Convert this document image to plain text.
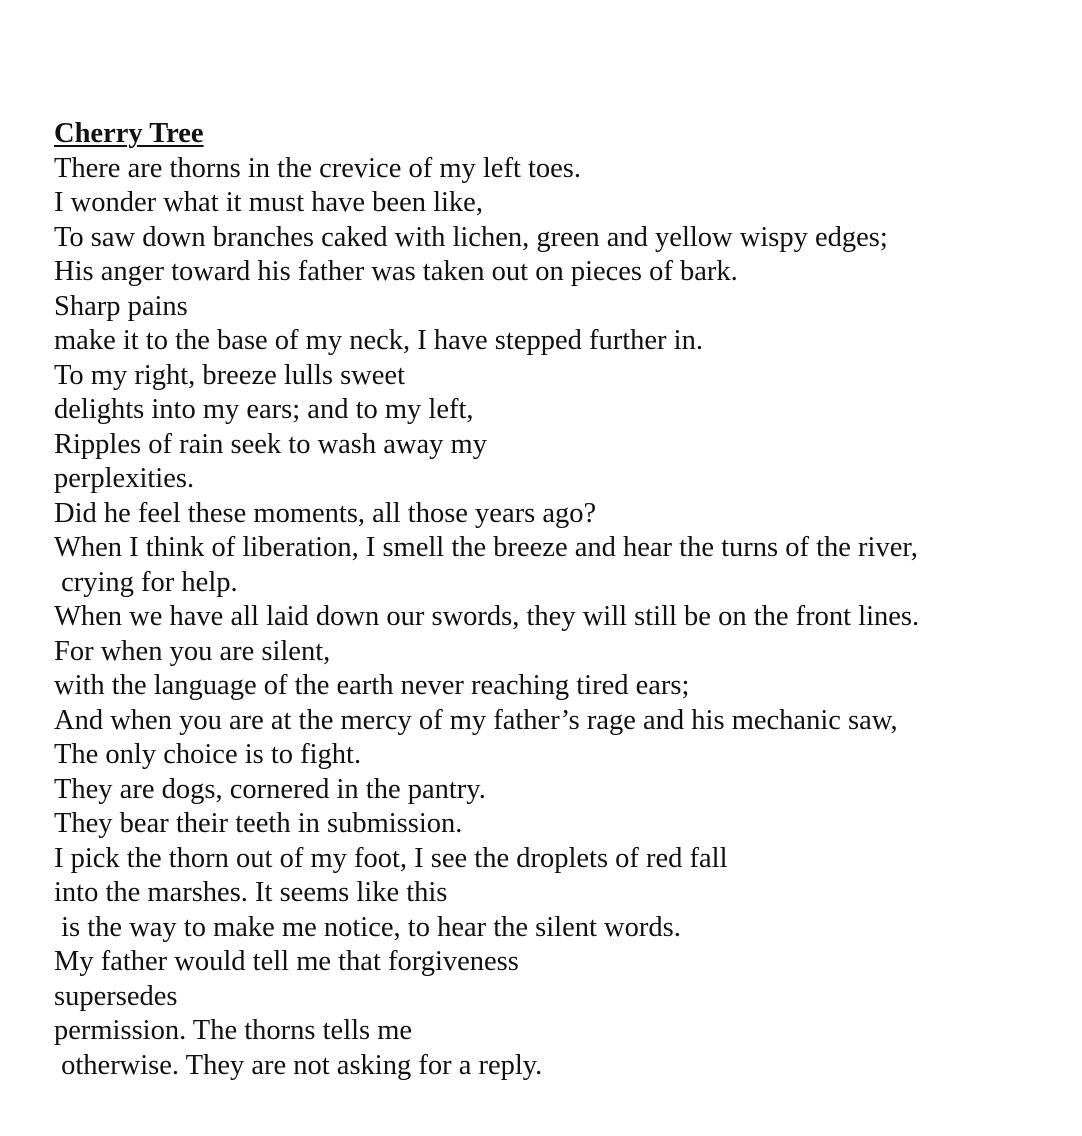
Cherry Tree

There are thorns in the crevice of my left toes.

I wonder what it must have been like,

To saw down branches caked with lichen, green and yellow wispy edges;

His anger toward his father was taken out on pieces of bark.

Sharp pains

make it to the base of my neck, I have stepped further in.

To my right, breeze lulls sweet

delights into my ears; and to my left,

Ripples of rain seek to wash away my

perplexities.

Did he feel these moments, all those years ago?

When I think of liberation, I smell the breeze and hear the turns of the river,

crying for help.

When we have all laid down our swords, they will still be on the front lines.

For when you are silent,

with the language of the earth never reaching tired ears;

And when you are at the mercy of my father’s rage and his mechanic saw,

The only choice is to fight.

They are dogs, cornered in the pantry.

They bear their teeth in submission.

I pick the thorn out of my foot, I see the droplets of red fall

into the marshes. It seems like this

is the way to make me notice, to hear the silent words.

My father would tell me that forgiveness

supersedes

permission. The thorns tells me

otherwise. They are not asking for a reply.
